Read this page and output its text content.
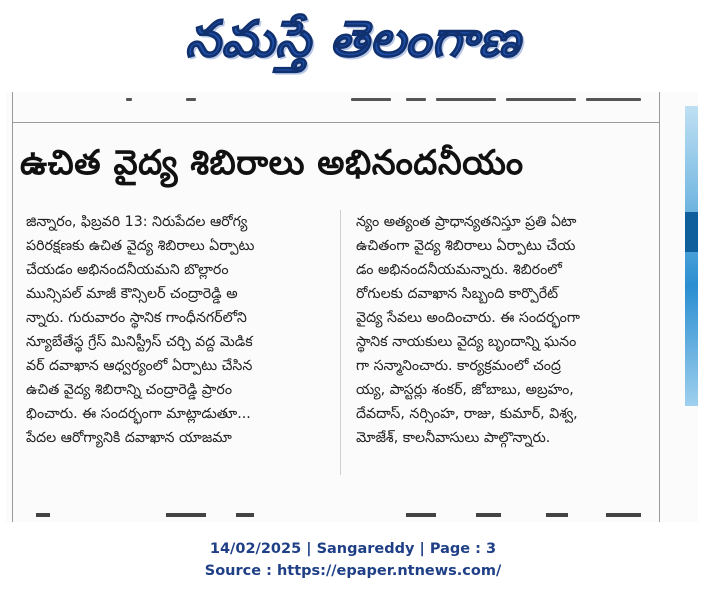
నమస్తే తెలంగాణ
ఉచిత వైద్య శిబిరాలు అభినందనీయం
జిన్నారం, ఫిబ్రవరి 13: నిరుపేదల ఆరోగ్య
పరిరక్షణకు ఉచిత వైద్య శిబిరాలు ఏర్పాటు
చేయడం అభినందనీయమని బొల్లారం
మున్సిపల్ మాజీ కౌన్సిలర్ చంద్రారెడ్డి అ
న్నారు. గురువారం స్థానిక గాంధీనగర్‌లోని
న్యూబేతేస్థ గ్రేస్ మినిస్ట్రీస్ చర్చి వద్ద మెడిక
వర్ దవాఖాన ఆధ్వర్యంలో ఏర్పాటు చేసిన
ఉచిత వైద్య శిబిరాన్ని చంద్రారెడ్డి ప్రారం
భించారు. ఈ సందర్భంగా మాట్లాడుతూ...
పేదల ఆరోగ్యానికి దవాఖాన యాజమా
న్యం అత్యంత ప్రాధాన్యతనిస్తూ ప్రతి ఏటా
ఉచితంగా వైద్య శిబిరాలు ఏర్పాటు చేయ
డం అభినందనీయమన్నారు. శిబిరంలో
రోగులకు దవాఖాన సిబ్బంది కార్పొరేట్
వైద్య సేవలు అందించారు. ఈ సందర్భంగా
స్థానిక నాయకులు వైద్య బృందాన్ని ఘనం
గా సన్మానించారు. కార్యక్రమంలో చంద్ర
య్య, పాస్టర్లు శంకర్, జోబాబు, అబ్రహం,
దేవదాస్, నర్సింహ, రాజు, కుమార్, విశ్వ,
మోజేశ్, కాలనీవాసులు పాల్గొన్నారు.
14/02/2025 | Sangareddy | Page : 3
Source : https://epaper.ntnews.com/
